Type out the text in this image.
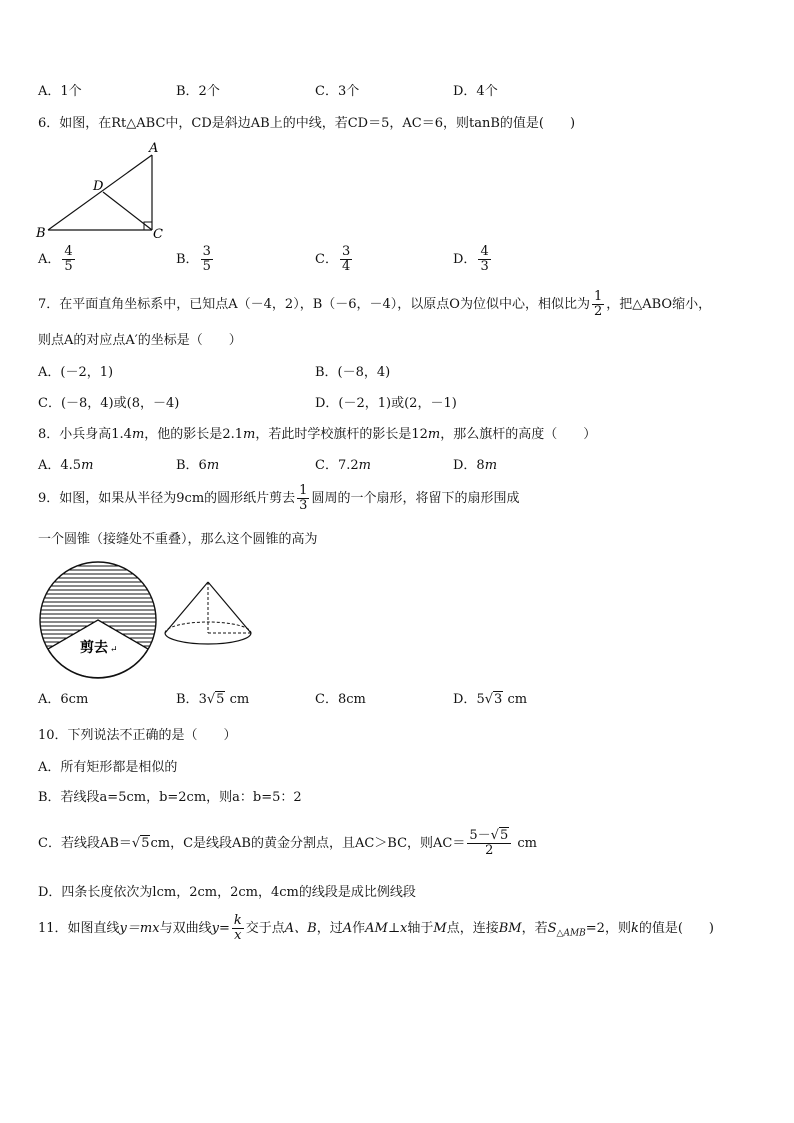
A．1个	B．2个	C．3个	D．4个
6．如图，在Rt△ABC中，CD是斜边AB上的中线，若CD＝5，AC＝6，则tanB的值是(　　)
A
D
B	C
A． $\frac{4}{5}$	B． $\frac{3}{5}$	C． $\frac{3}{4}$	D． $\frac{4}{3}$
7．在平面直角坐标系中，已知点A（－4，2），B（－6，－4），以原点O为位似中心，相似比为 $\frac{1}{2}$ ，把△ABO缩小，
则点A的对应点A′的坐标是（　　）
A．(－2，1)	B．(－8，4)
C．(－8，4)或(8，－4)	D．(－2，1)或(2，－1)
8．小兵身高1.4m，他的影长是2.1m，若此时学校旗杆的影长是12m，那么旗杆的高度（　　）
A．4.5m	B．6m	C．7.2m	D．8m
9．如图，如果从半径为9cm的圆形纸片剪去 $\frac{1}{3}$ 圆周的一个扇形，将留下的扇形围成
一个圆锥（接缝处不重叠），那么这个圆锥的高为
剪去 ↵
A．6cm	B．3√5 cm	C．8cm	D．5√3 cm
10．下列说法不正确的是（　　）
A．所有矩形都是相似的
B．若线段a=5cm，b=2cm，则a：b=5：2
C．若线段AB＝√5cm，C是线段AB的黄金分割点，且AC＞BC，则$AC= \frac{5-√5}{2}$ cm
D．四条长度依次为lcm，2cm，2cm，4cm的线段是成比例线段
11．如图直线y＝mx与双曲线$y= \frac{k}{x}$ 交于点A、B，过A作AM⊥x轴于M点，连接BM，若$S_{\triangle AMB}=2$，则k的值是(　　)
